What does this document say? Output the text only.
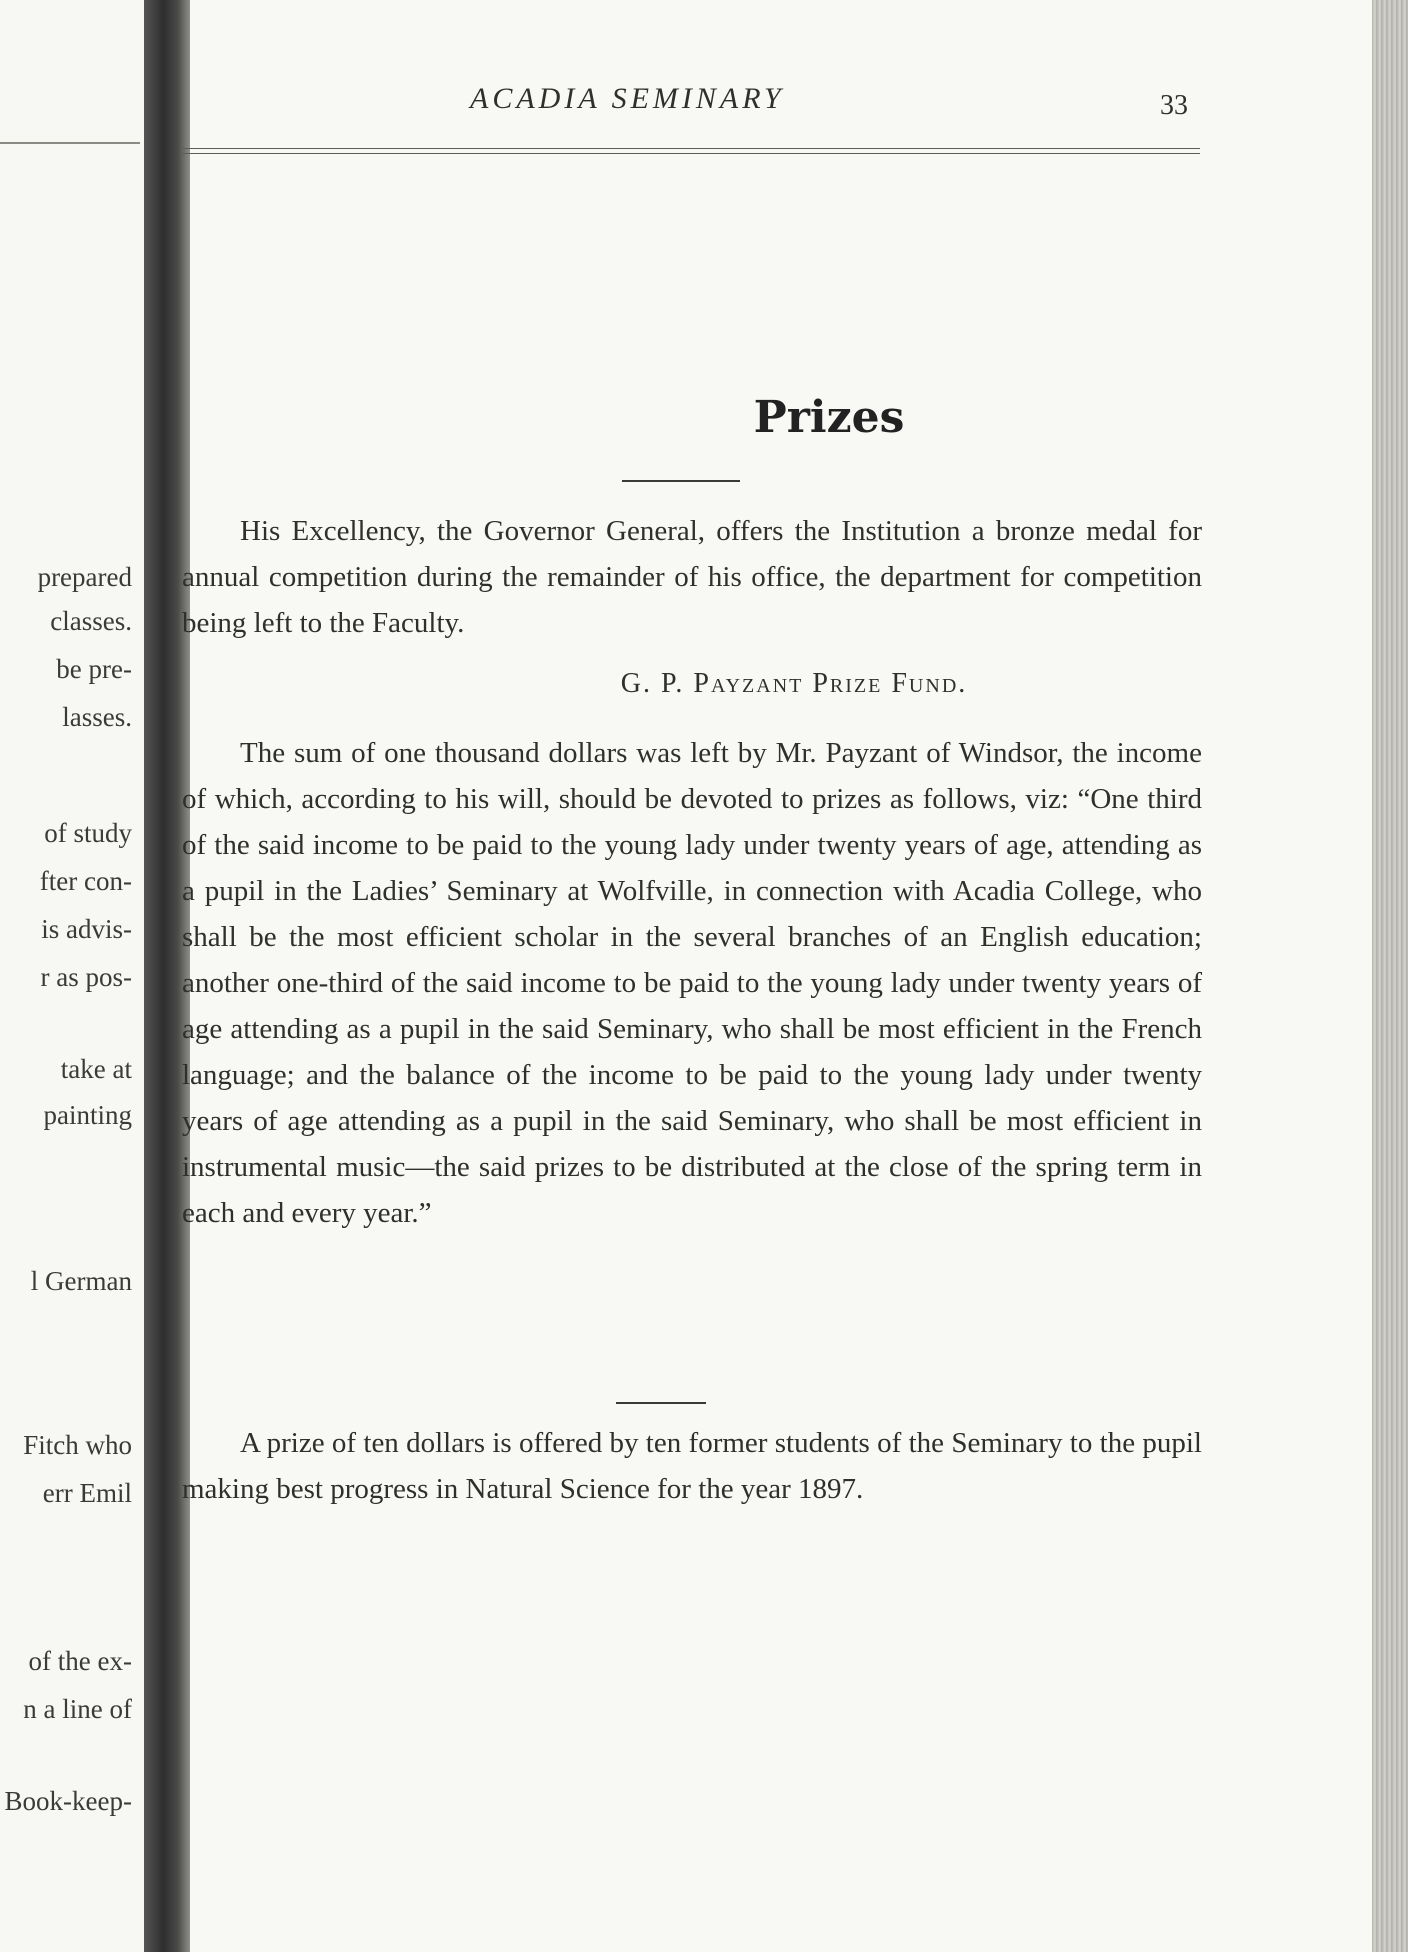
prepared
classes.
be pre-
lasses.
of study
fter con-
is advis-
r as pos-
take at
painting
l German
Fitch who
err Emil
of the ex-
n a line of
Book-keep-
ACADIA SEMINARY	33
Prizes
His Excellency, the Governor General, offers the Institution a bronze medal for annual competition during the remainder of his office, the department for competition being left to the Faculty.
G. P. Payzant Prize Fund.
The sum of one thousand dollars was left by Mr. Payzant of Windsor, the income of which, according to his will, should be devoted to prizes as follows, viz: “One third of the said income to be paid to the young lady under twenty years of age, attending as a pupil in the Ladies’ Seminary at Wolfville, in connection with Acadia College, who shall be the most efficient scholar in the several branches of an English education; another one-third of the said income to be paid to the young lady under twenty years of age attending as a pupil in the said Seminary, who shall be most efficient in the French language; and the balance of the income to be paid to the young lady under twenty years of age attending as a pupil in the said Seminary, who shall be most efficient in instrumental music—the said prizes to be distributed at the close of the spring term in each and every year.”
A prize of ten dollars is offered by ten former students of the Seminary to the pupil making best progress in Natural Science for the year 1897.
